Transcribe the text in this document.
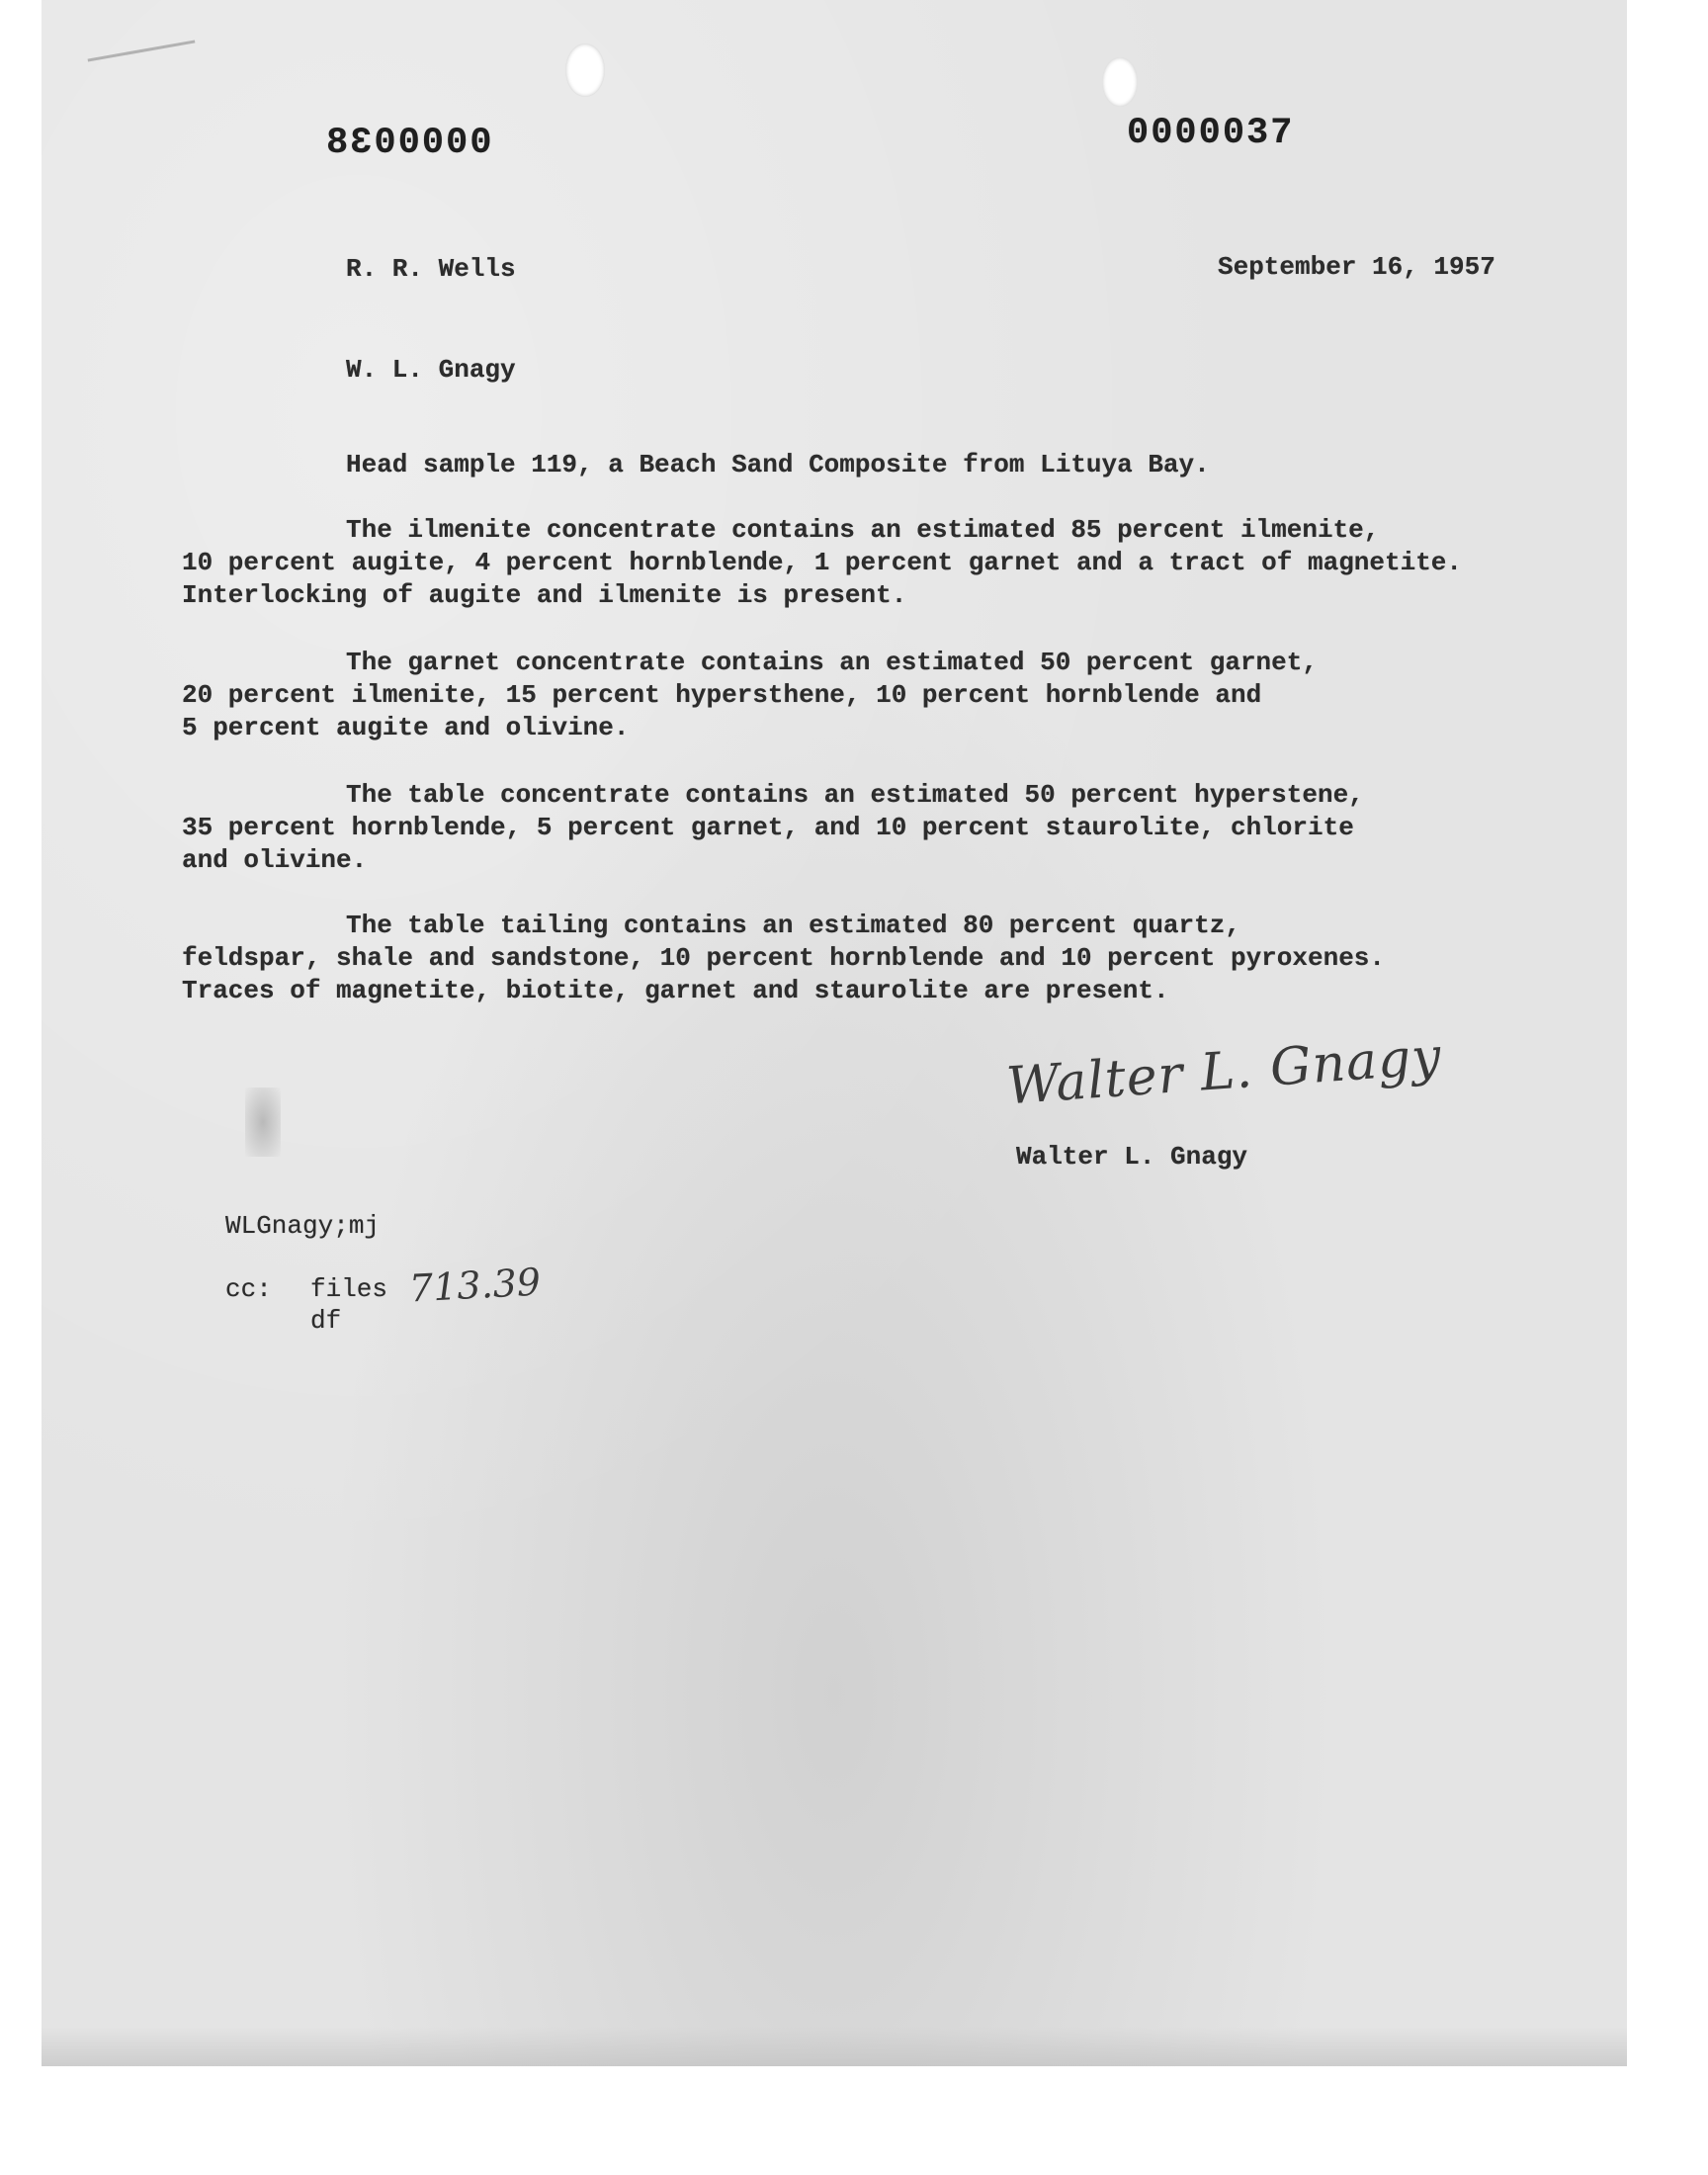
0000038	0000037
R. R. Wells	September 16, 1957
W. L. Gnagy
Head sample 119, a Beach Sand Composite from Lituya Bay.
The ilmenite concentrate contains an estimated 85 percent ilmenite,
10 percent augite, 4 percent hornblende, 1 percent garnet and a tract of magnetite.
Interlocking of augite and ilmenite is present.
The garnet concentrate contains an estimated 50 percent garnet,
20 percent ilmenite, 15 percent hypersthene, 10 percent hornblende and
5 percent augite and olivine.
The table concentrate contains an estimated 50 percent hyperstene,
35 percent hornblende, 5 percent garnet, and 10 percent staurolite, chlorite
and olivine.
The table tailing contains an estimated 80 percent quartz,
feldspar, shale and sandstone, 10 percent hornblende and 10 percent pyroxenes.
Traces of magnetite, biotite, garnet and staurolite are present.
Walter L. Gnagy
Walter L. Gnagy
WLGnagy;mj
cc: files
df
713.39
